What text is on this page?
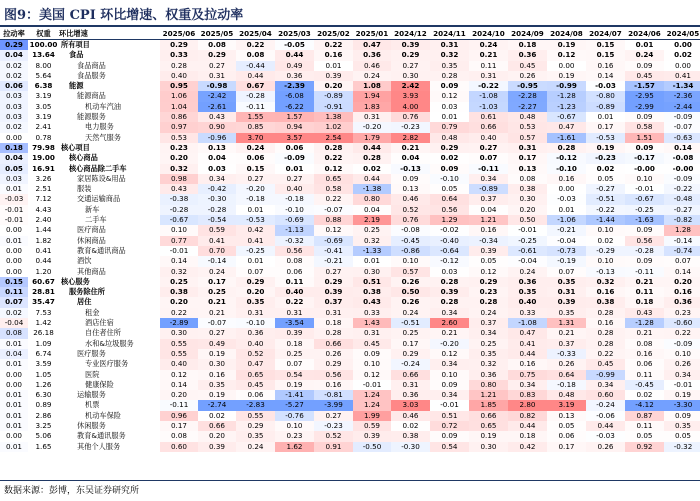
图9：美国 CPI 环比增速、权重及拉动率
拉动率	权重	环比增速	2025/06	2025/05	2025/04	2025/03	2025/02	2025/01	2024/12	2024/11	2024/10	2024/09	2024/08	2024/07	2024/06	2024/05
0.29	100.00	所有项目	0.29	0.08	0.22	-0.05	0.22	0.47	0.39	0.31	0.24	0.18	0.19	0.15	0.01	0.00
0.04	13.64	食品	0.33	0.29	0.08	0.44	0.16	0.36	0.29	0.32	0.21	0.36	0.12	0.15	0.24	0.02
0.02	8.00	食品商品	0.28	0.27	-0.44	0.49	0.01	0.46	0.27	0.35	0.11	0.45	0.00	0.16	0.09	0.00
0.02	5.64	食品服务	0.40	0.31	0.44	0.36	0.39	0.24	0.30	0.28	0.31	0.26	0.19	0.14	0.45	0.41
0.06	6.38	能源	0.95	-0.98	0.67	-2.39	0.20	1.08	2.42	0.09	-0.22	-0.95	-0.99	-0.03	-1.57	-1.34
0.03	3.19	能源商品	1.06	-2.42	-0.28	-6.08	-0.89	1.94	3.93	0.12	-1.08	-2.28	-1.28	-0.80	-2.95	-2.36
0.03	3.05	机动车汽油	1.04	-2.61	-0.11	-6.22	-0.91	1.83	4.00	0.03	-1.03	-2.27	-1.23	-0.89	-2.99	-2.44
0.03	3.19	能源服务	0.86	0.43	1.55	1.57	1.38	0.31	0.76	0.01	0.61	0.48	-0.67	0.01	0.09	-0.09
0.02	2.41	电力服务	0.97	0.90	0.85	0.94	1.02	-0.20	-0.23	0.79	0.66	0.53	0.47	0.17	0.58	-0.07
0.00	0.78	天然气服务	0.53	-0.96	3.70	3.57	2.54	1.79	2.82	0.48	0.40	0.57	-1.61	-0.53	1.51	-0.63
0.18	79.98	核心项目	0.23	0.13	0.24	0.06	0.28	0.44	0.21	0.29	0.27	0.31	0.28	0.19	0.09	0.14
0.04	19.00	核心商品	0.20	0.04	0.06	-0.09	0.22	0.28	0.04	0.02	0.07	0.17	-0.12	-0.23	-0.17	-0.08
0.05	16.91	核心商品除二手车	0.32	0.03	0.15	0.01	0.12	0.02	-0.13	0.09	-0.11	0.13	-0.10	0.02	-0.00	-0.00
0.03	3.26	家居陈设&用品	0.98	0.34	0.27	0.27	0.65	0.44	0.09	-0.10	0.34	0.08	0.16	0.05	0.10	-0.09
0.01	2.51	服装	0.43	-0.42	-0.20	0.40	0.58	-1.38	0.13	0.05	-0.89	0.38	0.00	-0.27	-0.01	-0.22
-0.03	7.12	交通运输商品	-0.38	-0.30	-0.18	-0.18	0.22	0.80	0.46	0.64	0.37	0.30	-0.03	-0.51	-0.67	-0.48
-0.01	4.43	新车	-0.28	-0.28	0.01	-0.10	-0.07	0.04	0.52	0.56	0.04	0.20	0.01	-0.22	-0.25	-0.27
-0.01	2.40	二手车	-0.67	-0.54	-0.53	-0.69	0.88	2.19	0.76	1.29	1.21	0.50	-1.06	-1.44	-1.63	-0.82
0.00	1.44	医疗商品	0.10	0.59	0.42	-1.13	0.12	0.25	-0.08	-0.02	0.16	-0.01	-0.21	0.10	0.09	1.28
0.01	1.82	休闲商品	0.77	0.41	0.41	-0.32	-0.69	0.32	-0.45	-0.40	-0.34	-0.25	-0.04	0.02	0.56	-0.14
0.00	0.41	教育&通讯商品	-0.01	0.70	-0.25	0.56	-0.41	-1.33	-0.86	-0.64	0.39	-0.61	-0.73	-0.29	-0.28	-0.74
0.00	0.44	酒饮	0.14	-0.14	0.01	0.08	-0.21	0.01	0.10	-0.12	0.05	-0.04	-0.19	0.10	0.09	0.07
0.00	1.20	其他商品	0.32	0.24	0.07	0.06	0.27	0.30	0.57	0.03	0.12	0.24	0.07	-0.13	-0.11	0.14
0.15	60.67	核心服务	0.25	0.17	0.29	0.11	0.29	0.51	0.26	0.28	0.29	0.36	0.35	0.32	0.21	0.20
0.11	28.81	服务除住所	0.38	0.25	0.20	0.40	0.39	0.38	0.50	0.39	0.23	0.35	0.31	0.16	0.11	0.16
0.07	35.47	居住	0.20	0.21	0.35	0.22	0.37	0.43	0.26	0.28	0.28	0.40	0.39	0.38	0.18	0.36
0.02	7.53	租金	0.22	0.21	0.31	0.31	0.31	0.33	0.24	0.34	0.24	0.33	0.35	0.28	0.43	0.23
-0.04	1.42	酒店住宿	-2.89	-0.07	-0.10	-3.54	0.18	1.43	-0.51	2.60	0.37	-1.08	1.31	0.16	-1.28	-0.60
0.08	26.18	自住者住所	0.30	0.27	0.36	0.39	0.28	0.31	0.25	0.21	0.34	0.47	0.21	0.28	0.21	0.22
0.01	1.09	水和&垃圾服务	0.55	0.49	0.40	0.18	0.66	0.45	0.17	-0.20	0.25	0.41	0.37	0.28	0.08	-0.09
0.04	6.74	医疗服务	0.55	0.19	0.52	0.25	0.26	0.09	0.29	0.12	0.35	0.44	-0.33	0.22	0.16	0.10
0.01	3.59	专业医疗服务	0.40	0.30	0.47	0.07	0.29	0.10	-0.24	0.34	0.32	0.16	0.26	0.45	0.06	0.26
0.00	1.05	医院	0.12	0.16	0.65	0.54	0.56	0.12	0.66	0.10	0.36	0.75	0.64	-0.99	0.11	0.34
0.00	1.26	健康保险	0.14	0.35	0.45	0.19	0.16	-0.01	0.31	0.09	0.80	0.34	-0.18	0.34	-0.45	-0.01
0.01	6.30	运输服务	0.20	0.19	0.06	-1.41	-0.81	1.24	0.36	0.34	1.21	0.83	0.48	0.60	0.02	0.19
0.01	0.89	机票	-0.11	-2.74	-2.83	-5.27	-3.99	1.24	3.03	-0.01	1.85	2.80	3.19	-0.24	-4.12	-3.30
0.01	2.86	机动车保险	0.96	0.02	0.55	-0.76	0.27	1.99	0.46	0.51	0.66	0.82	0.13	-0.06	0.87	0.09
0.01	3.25	休闲服务	0.17	0.66	0.29	0.10	-0.23	0.59	0.02	0.72	0.65	0.44	0.05	0.44	0.11	0.35
0.00	5.06	教育&通讯服务	0.08	0.20	0.35	0.23	0.52	0.39	0.38	0.09	0.19	0.18	0.06	-0.03	0.05	0.05
0.01	1.65	其他个人服务	0.60	0.39	0.24	1.62	0.91	-0.50	-0.30	0.54	0.30	0.42	0.17	0.26	0.92	-0.32
数据来源：彭博，东吴证券研究所
